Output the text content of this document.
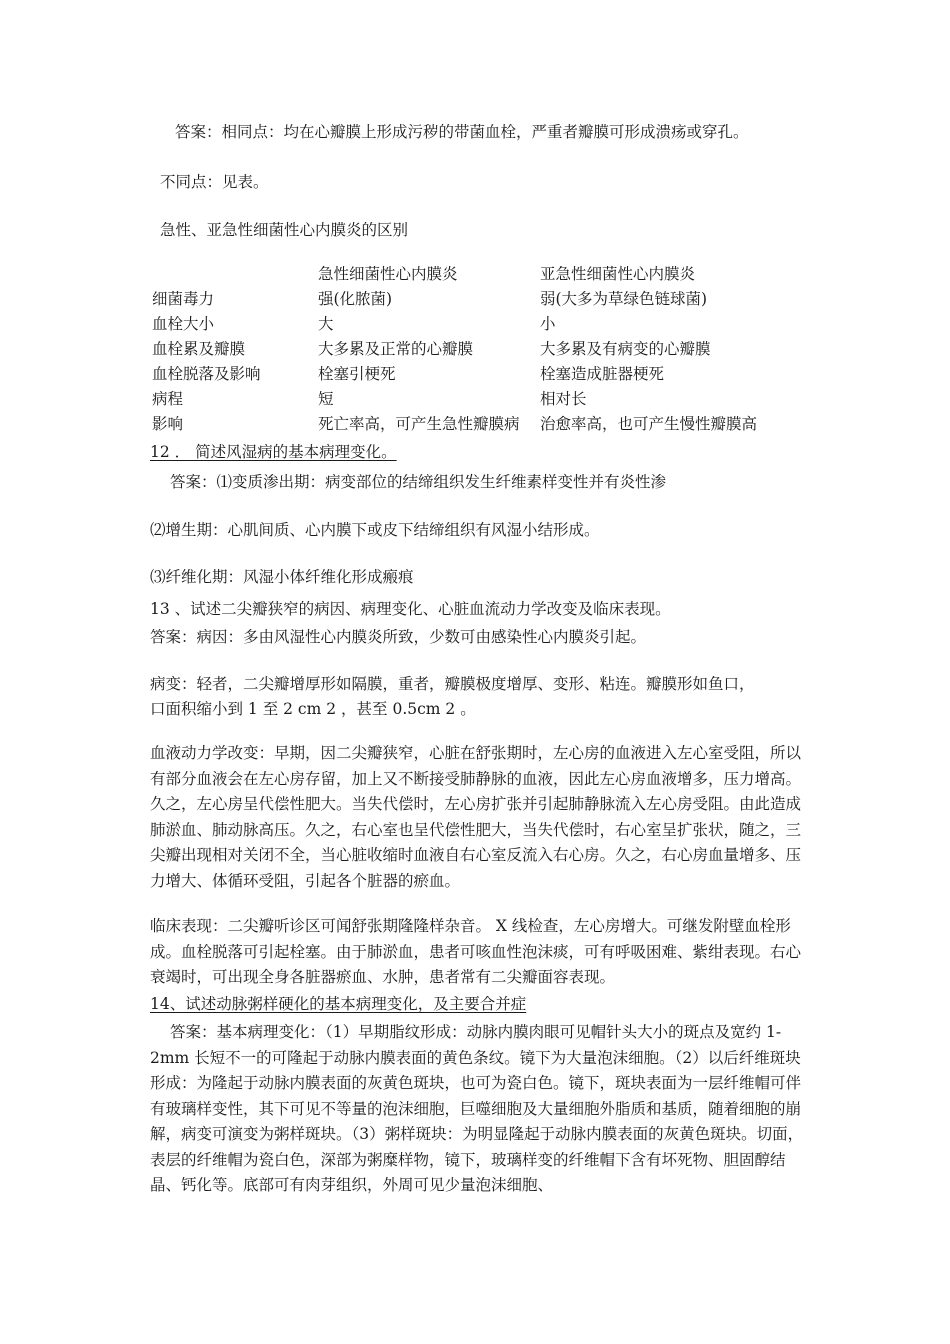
答案：相同点：均在心瓣膜上形成污秽的带菌血栓，严重者瓣膜可形成溃疡或穿孔。
不同点：见表。
急性、亚急性细菌性心内膜炎的区别
	急性细菌性心内膜炎	亚急性细菌性心内膜炎
细菌毒力	强(化脓菌)	弱(大多为草绿色链球菌)
血栓大小	大	小
血栓累及瓣膜	大多累及正常的心瓣膜	大多累及有病变的心瓣膜
血栓脱落及影响	栓塞引梗死	栓塞造成脏器梗死
病程	短	相对长
影响	死亡率高，可产生急性瓣膜病	治愈率高，也可产生慢性瓣膜高
12 ． 简述风湿病的基本病理变化。
答案：⑴变质渗出期：病变部位的结缔组织发生纤维素样变性并有炎性渗
⑵增生期：心肌间质、心内膜下或皮下结缔组织有风湿小结形成。
⑶纤维化期：风湿小体纤维化形成瘢痕
13 、试述二尖瓣狭窄的病因、病理变化、心脏血流动力学改变及临床表现。
答案：病因：多由风湿性心内膜炎所致，少数可由感染性心内膜炎引起。
病变：轻者，二尖瓣增厚形如隔膜，重者，瓣膜极度增厚、变形、粘连。瓣膜形如鱼口，
口面积缩小到 1 至 2 cm 2 ，甚至 0.5cm 2 。

血液动力学改变：早期，因二尖瓣狭窄，心脏在舒张期时，左心房的血液进入左心室受阻，所以有部分血液会在左心房存留，加上又不断接受肺静脉的血液，因此左心房血液增多，压力增高。久之，左心房呈代偿性肥大。当失代偿时，左心房扩张并引起肺静脉流入左心房受阻。由此造成肺淤血、肺动脉高压。久之，右心室也呈代偿性肥大，当失代偿时，右心室呈扩张状，随之，三尖瓣出现相对关闭不全，当心脏收缩时血液自右心室反流入右心房。久之，右心房血量增多、压力增大、体循环受阻，引起各个脏器的瘀血。

临床表现：二尖瓣听诊区可闻舒张期隆隆样杂音。 X 线检查，左心房增大。可继发附壁血栓形成。血栓脱落可引起栓塞。由于肺淤血，患者可咳血性泡沫痰，可有呼吸困难、紫绀表现。右心衰竭时，可出现全身各脏器瘀血、水肿，患者常有二尖瓣面容表现。

14、试述动脉粥样硬化的基本病理变化，及主要合并症

答案：基本病理变化：（1）早期脂纹形成：动脉内膜肉眼可见帽针头大小的斑点及宽约 1-2mm 长短不一的可隆起于动脉内膜表面的黄色条纹。镜下为大量泡沫细胞。（2）以后纤维斑块形成：为隆起于动脉内膜表面的灰黄色斑块，也可为瓷白色。镜下，斑块表面为一层纤维帽可伴有玻璃样变性，其下可见不等量的泡沫细胞，巨噬细胞及大量细胞外脂质和基质，随着细胞的崩解，病变可演变为粥样斑块。（3）粥样斑块：为明显隆起于动脉内膜表面的灰黄色斑块。切面，表层的纤维帽为瓷白色，深部为粥糜样物，镜下，玻璃样变的纤维帽下含有坏死物、胆固醇结晶、钙化等。底部可有肉芽组织，外周可见少量泡沫细胞、
